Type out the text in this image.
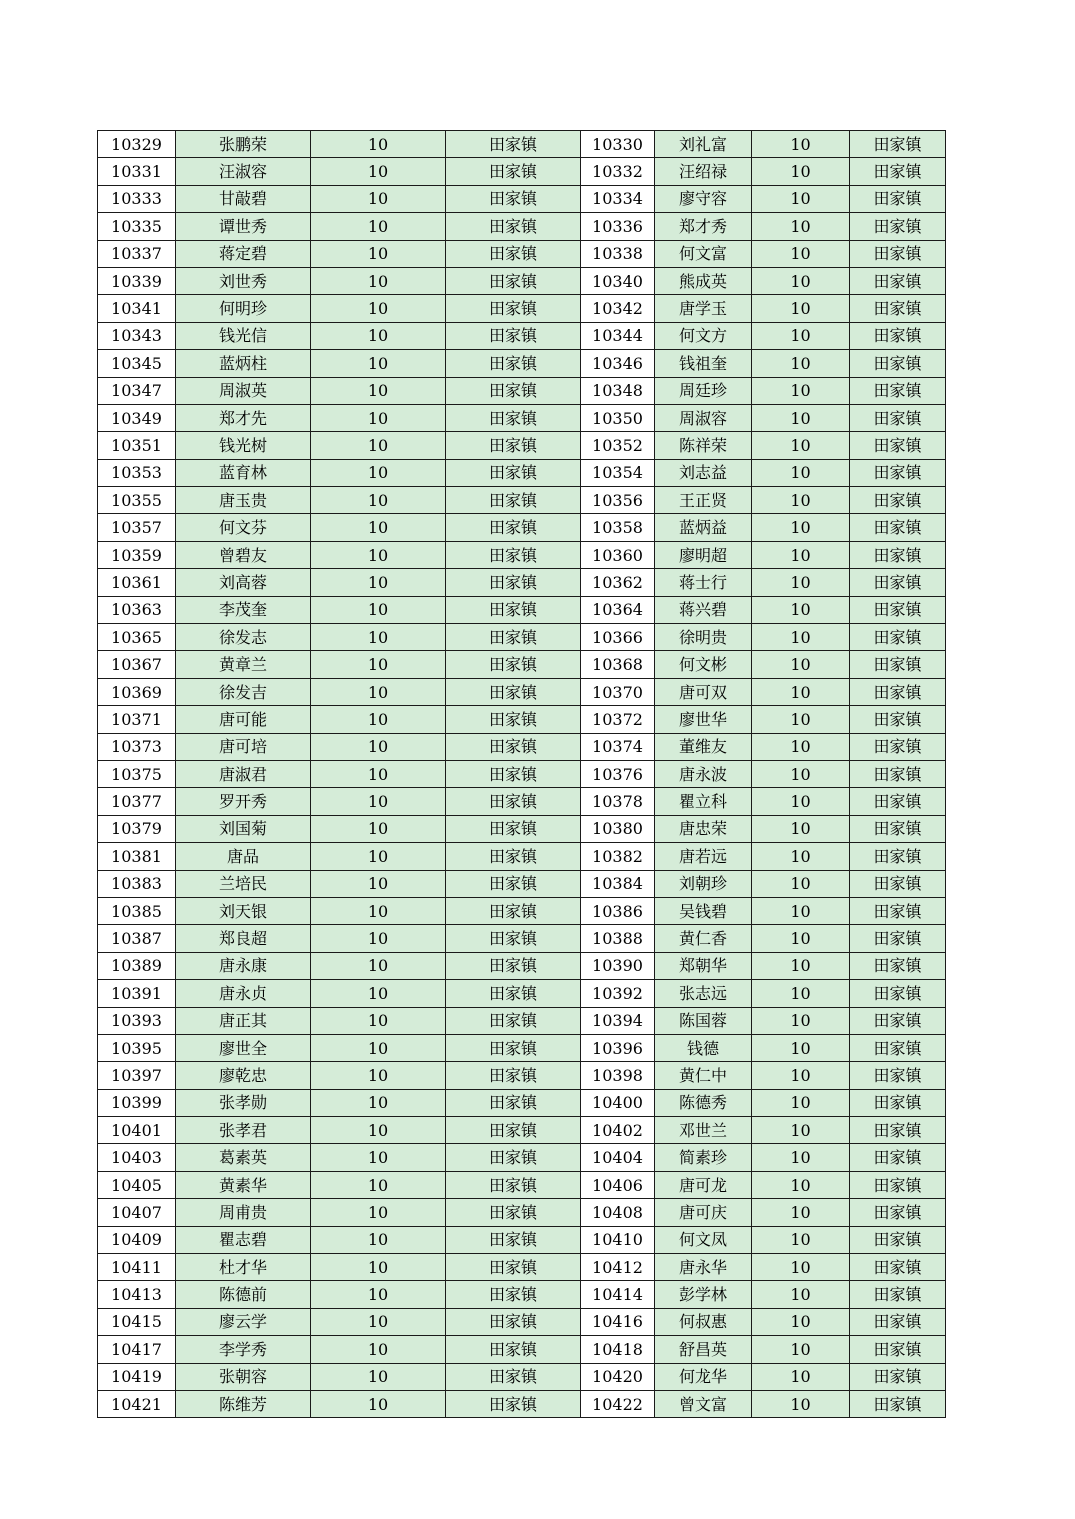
10329	张鹏荣	10	田家镇	10330	刘礼富	10	田家镇
10331	汪淑容	10	田家镇	10332	汪绍禄	10	田家镇
10333	甘敲碧	10	田家镇	10334	廖守容	10	田家镇
10335	谭世秀	10	田家镇	10336	郑才秀	10	田家镇
10337	蒋定碧	10	田家镇	10338	何文富	10	田家镇
10339	刘世秀	10	田家镇	10340	熊成英	10	田家镇
10341	何明珍	10	田家镇	10342	唐学玉	10	田家镇
10343	钱光信	10	田家镇	10344	何文方	10	田家镇
10345	蓝炳柱	10	田家镇	10346	钱祖奎	10	田家镇
10347	周淑英	10	田家镇	10348	周廷珍	10	田家镇
10349	郑才先	10	田家镇	10350	周淑容	10	田家镇
10351	钱光树	10	田家镇	10352	陈祥荣	10	田家镇
10353	蓝育林	10	田家镇	10354	刘志益	10	田家镇
10355	唐玉贵	10	田家镇	10356	王正贤	10	田家镇
10357	何文芬	10	田家镇	10358	蓝炳益	10	田家镇
10359	曾碧友	10	田家镇	10360	廖明超	10	田家镇
10361	刘高蓉	10	田家镇	10362	蒋士行	10	田家镇
10363	李茂奎	10	田家镇	10364	蒋兴碧	10	田家镇
10365	徐发志	10	田家镇	10366	徐明贵	10	田家镇
10367	黄章兰	10	田家镇	10368	何文彬	10	田家镇
10369	徐发吉	10	田家镇	10370	唐可双	10	田家镇
10371	唐可能	10	田家镇	10372	廖世华	10	田家镇
10373	唐可培	10	田家镇	10374	董维友	10	田家镇
10375	唐淑君	10	田家镇	10376	唐永波	10	田家镇
10377	罗开秀	10	田家镇	10378	瞿立科	10	田家镇
10379	刘国菊	10	田家镇	10380	唐忠荣	10	田家镇
10381	唐品	10	田家镇	10382	唐若远	10	田家镇
10383	兰培民	10	田家镇	10384	刘朝珍	10	田家镇
10385	刘天银	10	田家镇	10386	吴钱碧	10	田家镇
10387	郑良超	10	田家镇	10388	黄仁香	10	田家镇
10389	唐永康	10	田家镇	10390	郑朝华	10	田家镇
10391	唐永贞	10	田家镇	10392	张志远	10	田家镇
10393	唐正其	10	田家镇	10394	陈国蓉	10	田家镇
10395	廖世全	10	田家镇	10396	钱德	10	田家镇
10397	廖乾忠	10	田家镇	10398	黄仁中	10	田家镇
10399	张孝勋	10	田家镇	10400	陈德秀	10	田家镇
10401	张孝君	10	田家镇	10402	邓世兰	10	田家镇
10403	葛素英	10	田家镇	10404	简素珍	10	田家镇
10405	黄素华	10	田家镇	10406	唐可龙	10	田家镇
10407	周甫贵	10	田家镇	10408	唐可庆	10	田家镇
10409	瞿志碧	10	田家镇	10410	何文凤	10	田家镇
10411	杜才华	10	田家镇	10412	唐永华	10	田家镇
10413	陈德前	10	田家镇	10414	彭学林	10	田家镇
10415	廖云学	10	田家镇	10416	何叔惠	10	田家镇
10417	李学秀	10	田家镇	10418	舒昌英	10	田家镇
10419	张朝容	10	田家镇	10420	何龙华	10	田家镇
10421	陈维芳	10	田家镇	10422	曾文富	10	田家镇
